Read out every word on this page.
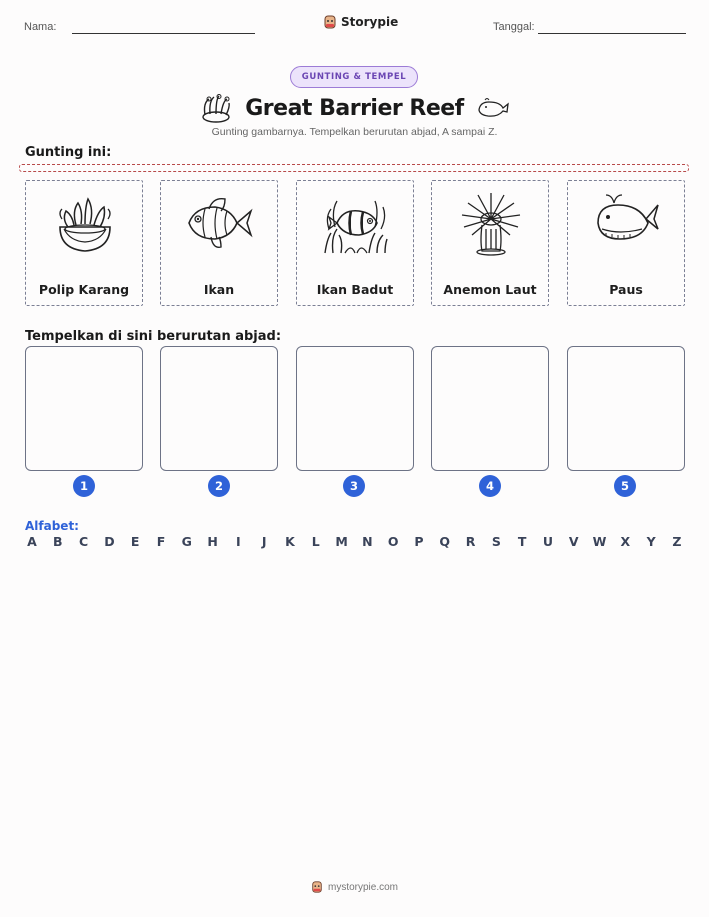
Nama:	Storypie	Tanggal:
GUNTING & TEMPEL
Great Barrier Reef
Gunting gambarnya. Tempelkan berurutan abjad, A sampai Z.
Gunting ini:
Polip Karang	Ikan	Ikan Badut	Anemon Laut	Paus
Tempelkan di sini berurutan abjad:
1	2	3	4	5
Alfabet:
A B C D E F G H	I	J	K L M N O P Q R S T U V W X Y Z
mystorypie.com
